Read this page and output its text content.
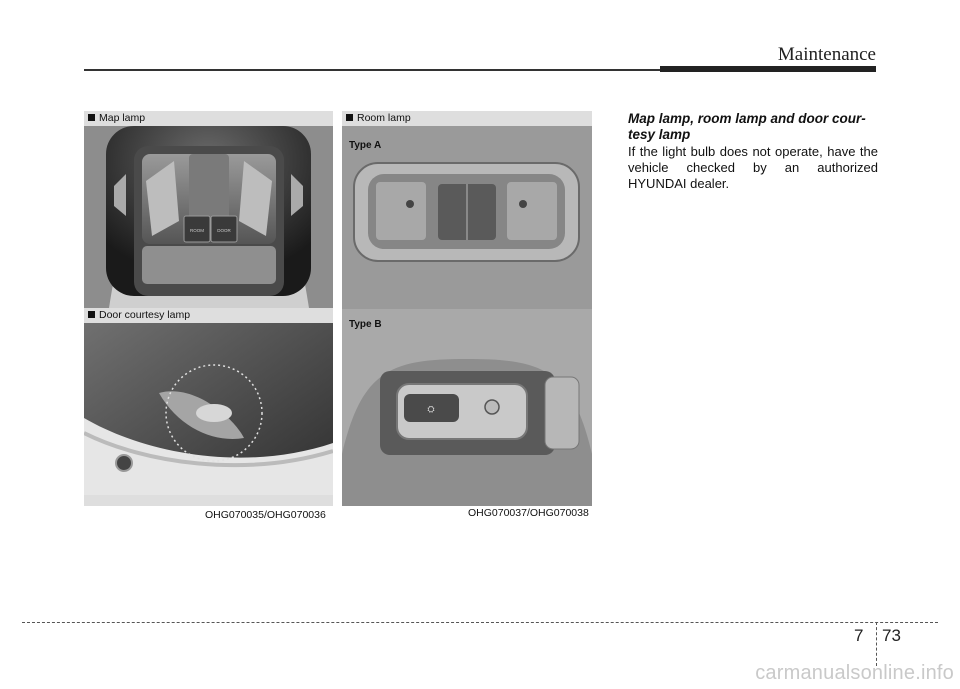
Maintenance
Map lamp
ROOM	DOOR
Door courtesy lamp
OHG070035/OHG070036
Room lamp
Type A
⛭
Type B
OHG070037/OHG070038
Map lamp, room lamp and door cour- tesy lamp
If the light bulb does not operate, have the vehicle checked by an authorized HYUNDAI dealer.
7 73
carmanualsonline.info
